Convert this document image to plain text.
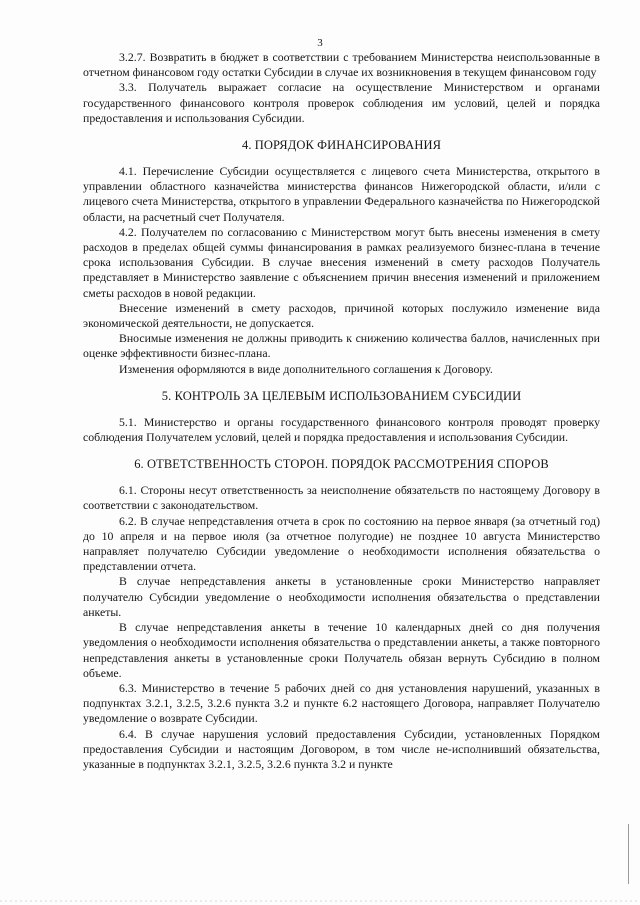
3

3.2.7. Возвратить в бюджет в соответствии с требованием Министерства неиспользованные в отчетном финансовом году остатки Субсидии в случае их возникновения в текущем финансовом году

3.3. Получатель выражает согласие на осуществление Министерством и органами государственного финансового контроля проверок соблюдения им условий, целей и порядка предоставления и использования Субсидии.

4. ПОРЯДОК ФИНАНСИРОВАНИЯ

4.1. Перечисление Субсидии осуществляется с лицевого счета Министерства, открытого в управлении областного казначейства министерства финансов Нижегородской области, и/или с лицевого счета Министерства, открытого в управлении Федерального казначейства по Нижегородской области, на расчетный счет Получателя.

4.2. Получателем по согласованию с Министерством могут быть внесены изменения в смету расходов в пределах общей суммы финансирования в рамках реализуемого бизнес-плана в течение срока использования Субсидии. В случае внесения изменений в смету расходов Получатель представляет в Министерство заявление с объяснением причин внесения изменений и приложением сметы расходов в новой редакции.

Внесение изменений в смету расходов, причиной которых послужило изменение вида экономической деятельности, не допускается.

Вносимые изменения не должны приводить к снижению количества баллов, начисленных при оценке эффективности бизнес-плана.

Изменения оформляются в виде дополнительного соглашения к Договору.

5. КОНТРОЛЬ ЗА ЦЕЛЕВЫМ ИСПОЛЬЗОВАНИЕМ СУБСИДИИ

5.1. Министерство и органы государственного финансового контроля проводят проверку соблюдения Получателем условий, целей и порядка предоставления и использования Субсидии.

6. ОТВЕТСТВЕННОСТЬ СТОРОН. ПОРЯДОК РАССМОТРЕНИЯ СПОРОВ

6.1. Стороны несут ответственность за неисполнение обязательств по настоящему Договору в соответствии с законодательством.

6.2. В случае непредставления отчета в срок по состоянию на первое января (за отчетный год) до 10 апреля и на первое июля (за отчетное полугодие) не позднее 10 августа Министерство направляет получателю Субсидии уведомление о необходимости исполнения обязательства о представлении отчета.

В случае непредставления анкеты в установленные сроки Министерство направляет получателю Субсидии уведомление о необходимости исполнения обязательства о представлении анкеты.

В случае непредставления анкеты в течение 10 календарных дней со дня получения уведомления о необходимости исполнения обязательства о представлении анкеты, а также повторного непредставления анкеты в установленные сроки Получатель обязан вернуть Субсидию в полном объеме.

6.3. Министерство в течение 5 рабочих дней со дня установления нарушений, указанных в подпунктах 3.2.1, 3.2.5, 3.2.6 пункта 3.2 и пункте 6.2 настоящего Договора, направляет Получателю уведомление о возврате Субсидии.

6.4. В случае нарушения условий предоставления Субсидии, установленных Порядком предоставления Субсидии и настоящим Договором, в том числе не-исполнивший обязательства, указанные в подпунктах 3.2.1, 3.2.5, 3.2.6 пункта 3.2 и пункте
